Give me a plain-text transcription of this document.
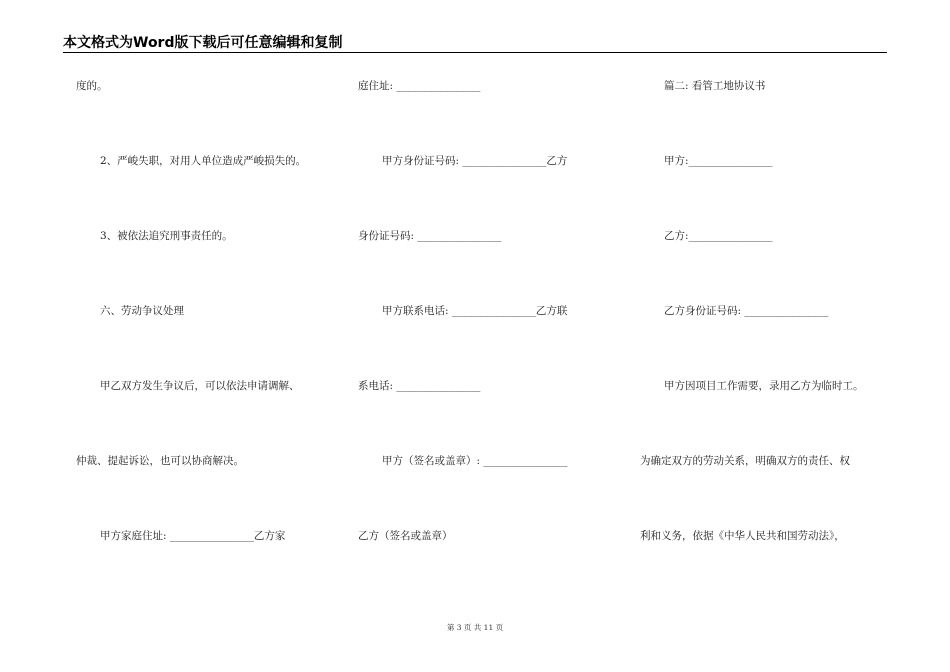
本文格式为Word版下载后可任意编辑和复制
度的。
2、严峻失职，对用人单位造成严峻损失的。
3、被依法追究刑事责任的。
六、劳动争议处理
甲乙双方发生争议后，可以依法申请调解、
仲裁、提起诉讼，也可以协商解决。
甲方家庭住址: ________________乙方家
庭住址: ________________
甲方身份证号码: ________________乙方
身份证号码: ________________
甲方联系电话: ________________乙方联
系电话: ________________
甲方（签名或盖章）: ________________
乙方（签名或盖章）
篇二: 看管工地协议书
甲方:________________
乙方:________________
乙方身份证号码: ________________
甲方因项目工作需要，录用乙方为临时工。
为确定双方的劳动关系，明确双方的责任、权
利和义务，依据《中华人民共和国劳动法》，
第 3 页 共 11 页
